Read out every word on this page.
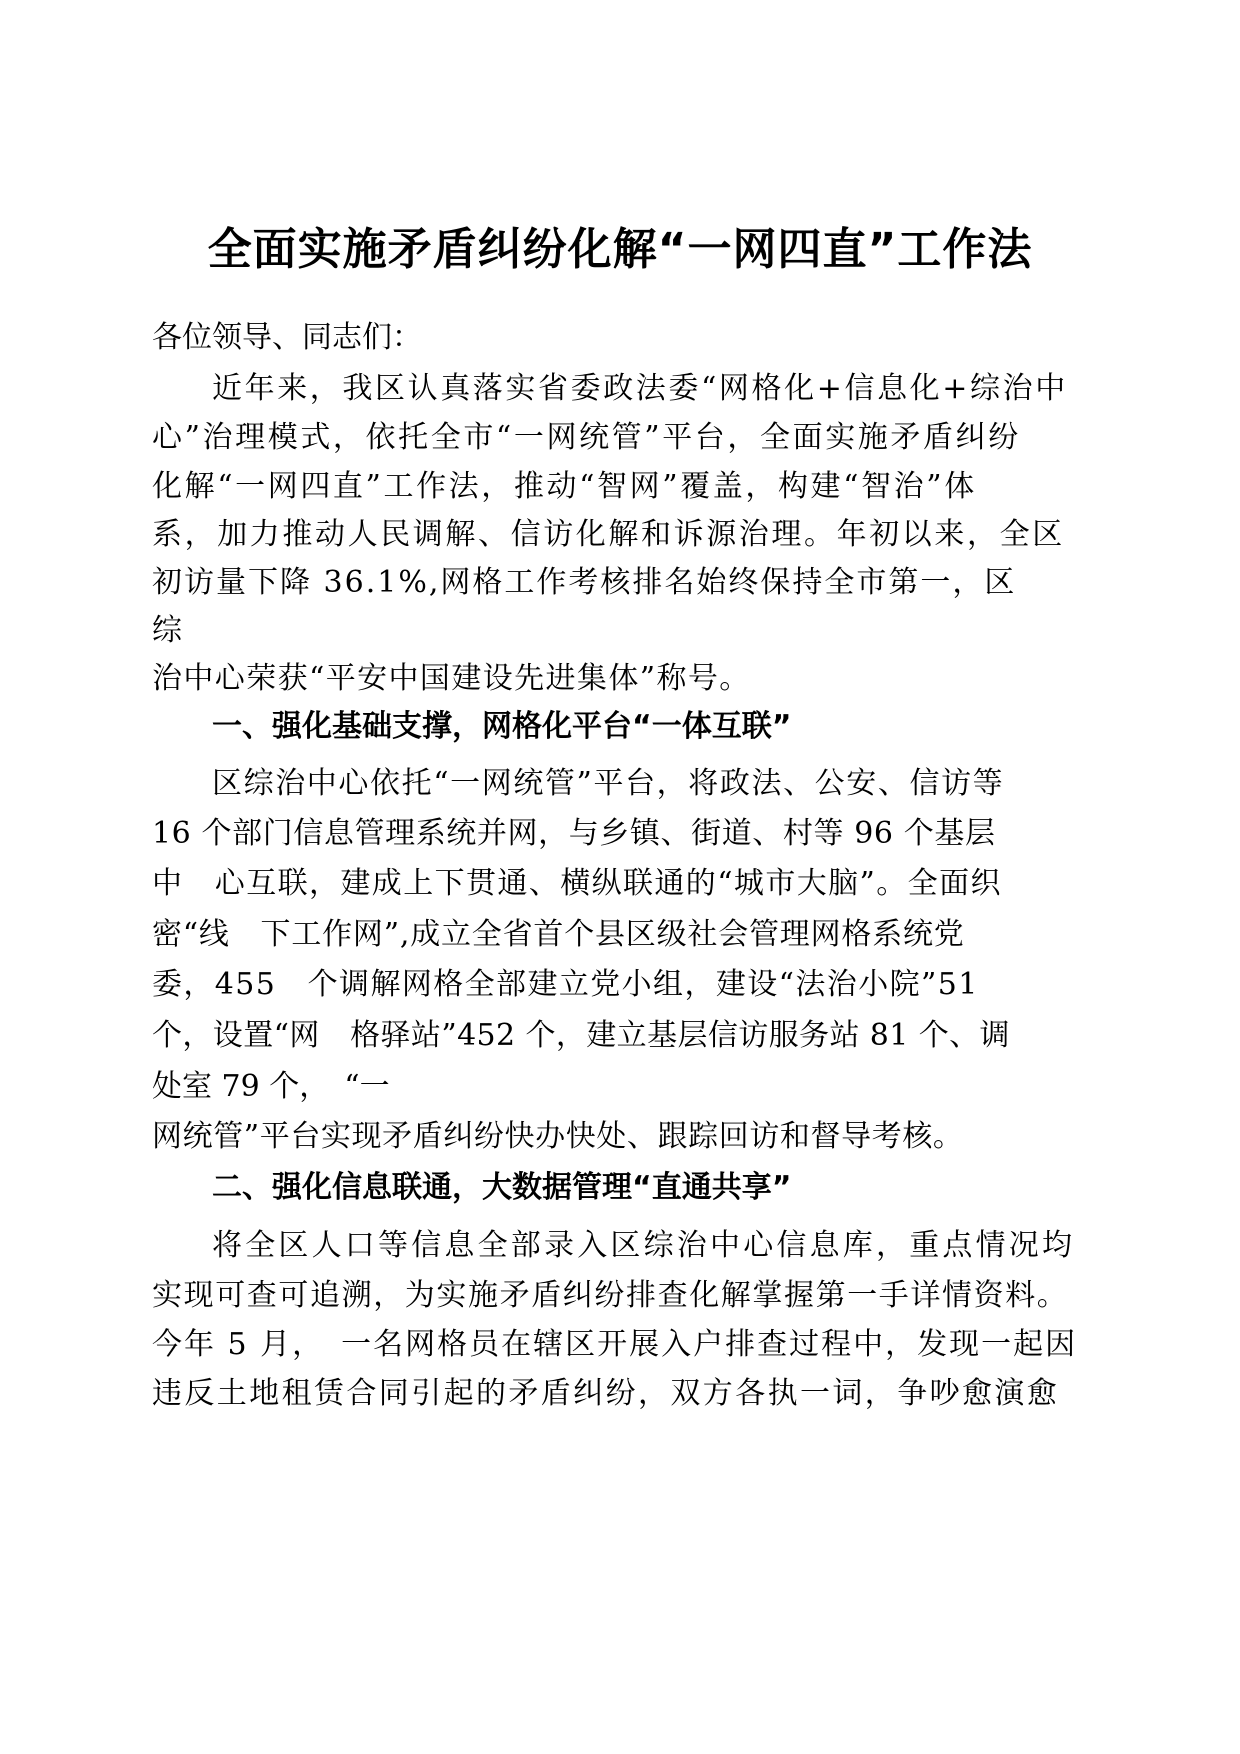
全面实施矛盾纠纷化解“一网四直”工作法
各位领导、同志们：
近年来，我区认真落实省委政法委“网格化+信息化+综治中
心”治理模式，依托全市“一网统管”平台，全面实施矛盾纠纷
化解“一网四直”工作法，推动“智网”覆盖，构建“智治”体
系，加力推动人民调解、信访化解和诉源治理。年初以来，全区
初访量下降 36.1%,网格工作考核排名始终保持全市第一，区
综
治中心荣获“平安中国建设先进集体”称号。
一、强化基础支撑，网格化平台“一体互联”
区综治中心依托“一网统管”平台，将政法、公安、信访等
16 个部门信息管理系统并网，与乡镇、街道、村等 96 个基层
中　心互联，建成上下贯通、横纵联通的“城市大脑”。全面织
密“线　下工作网”,成立全省首个县区级社会管理网格系统党
委，455　个调解网格全部建立党小组，建设“法治小院”51
个，设置“网　格驿站”452 个，建立基层信访服务站 81 个、调
处室 79 个，　“一
网统管”平台实现矛盾纠纷快办快处、跟踪回访和督导考核。
二、强化信息联通，大数据管理“直通共享”
将全区人口等信息全部录入区综治中心信息库，重点情况均
实现可查可追溯，为实施矛盾纠纷排查化解掌握第一手详情资料。
今年 5 月，　一名网格员在辖区开展入户排查过程中，发现一起因
违反土地租赁合同引起的矛盾纠纷，双方各执一词，争吵愈演愈
